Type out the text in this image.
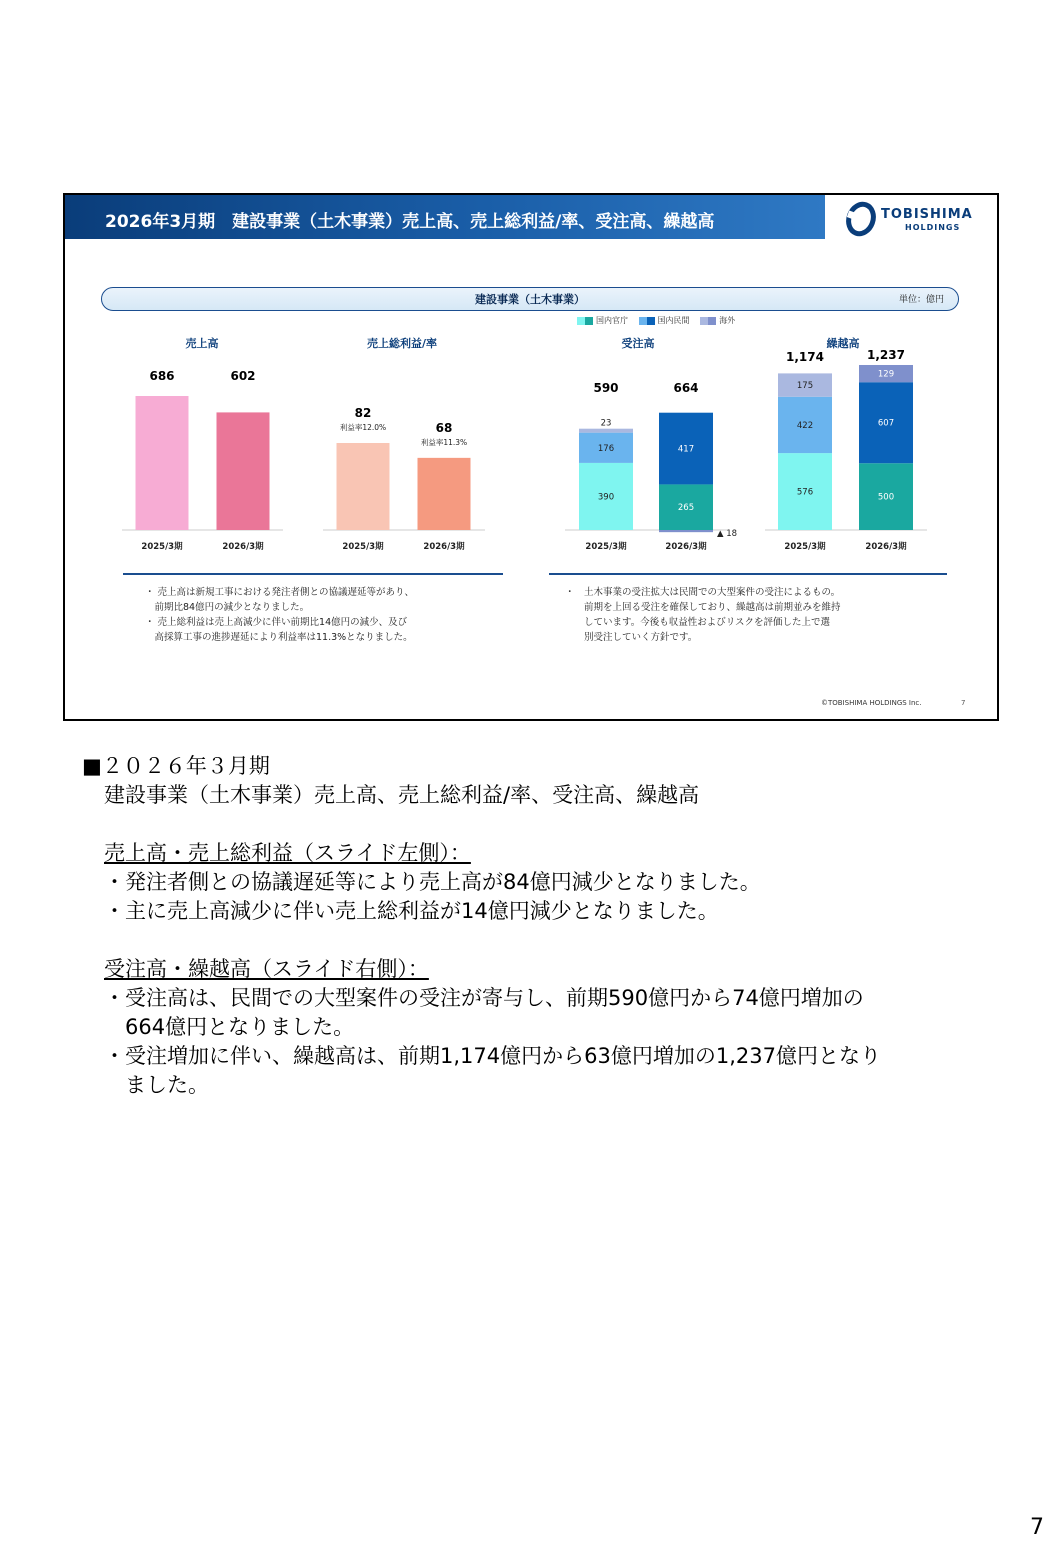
2026年3月期　建設事業（土木事業）売上高、売上総利益/率、受注高、繰越高	TOBISHIMA
HOLDINGS
建設事業（土木事業）	単位：億円
国内官庁	国内民間	海外
売上高
2025/3期	2026/3期
686	602
売上総利益/率
2025/3期	2026/3期
82
利益率12.0%	68
利益率11.3%
受注高
2025/3期	2026/3期
390
176
23
590
265
417
▲ 18
664
繰越高
2025/3期	2026/3期
576
422
175
1,174
500
607
129
1,237
・ 売上高は新規工事における発注者側との協議遅延等があり、
　前期比84億円の減少となりました。
・ 売上総利益は売上高減少に伴い前期比14億円の減少、及び
　高採算工事の進捗遅延により利益率は11.3%となりました。
・　土木事業の受注拡大は民間での大型案件の受注によるもの。
　　前期を上回る受注を確保しており、繰越高は前期並みを維持
　　しています。今後も収益性およびリスクを評価した上で選
　　別受注していく方針です。
©TOBISHIMA HOLDINGS Inc.	7
■２０２６年３月期
建設事業（土木事業）売上高、売上総利益/率、受注高、繰越高
売上高・売上総利益（スライド左側）：
・発注者側との協議遅延等により売上高が84億円減少となりました。
・主に売上高減少に伴い売上総利益が14億円減少となりました。
受注高・繰越高（スライド右側）：
・受注高は、民間での大型案件の受注が寄与し、前期590億円から74億円増加の
　664億円となりました。
・受注増加に伴い、繰越高は、前期1,174億円から63億円増加の1,237億円となり
　ました。
7
